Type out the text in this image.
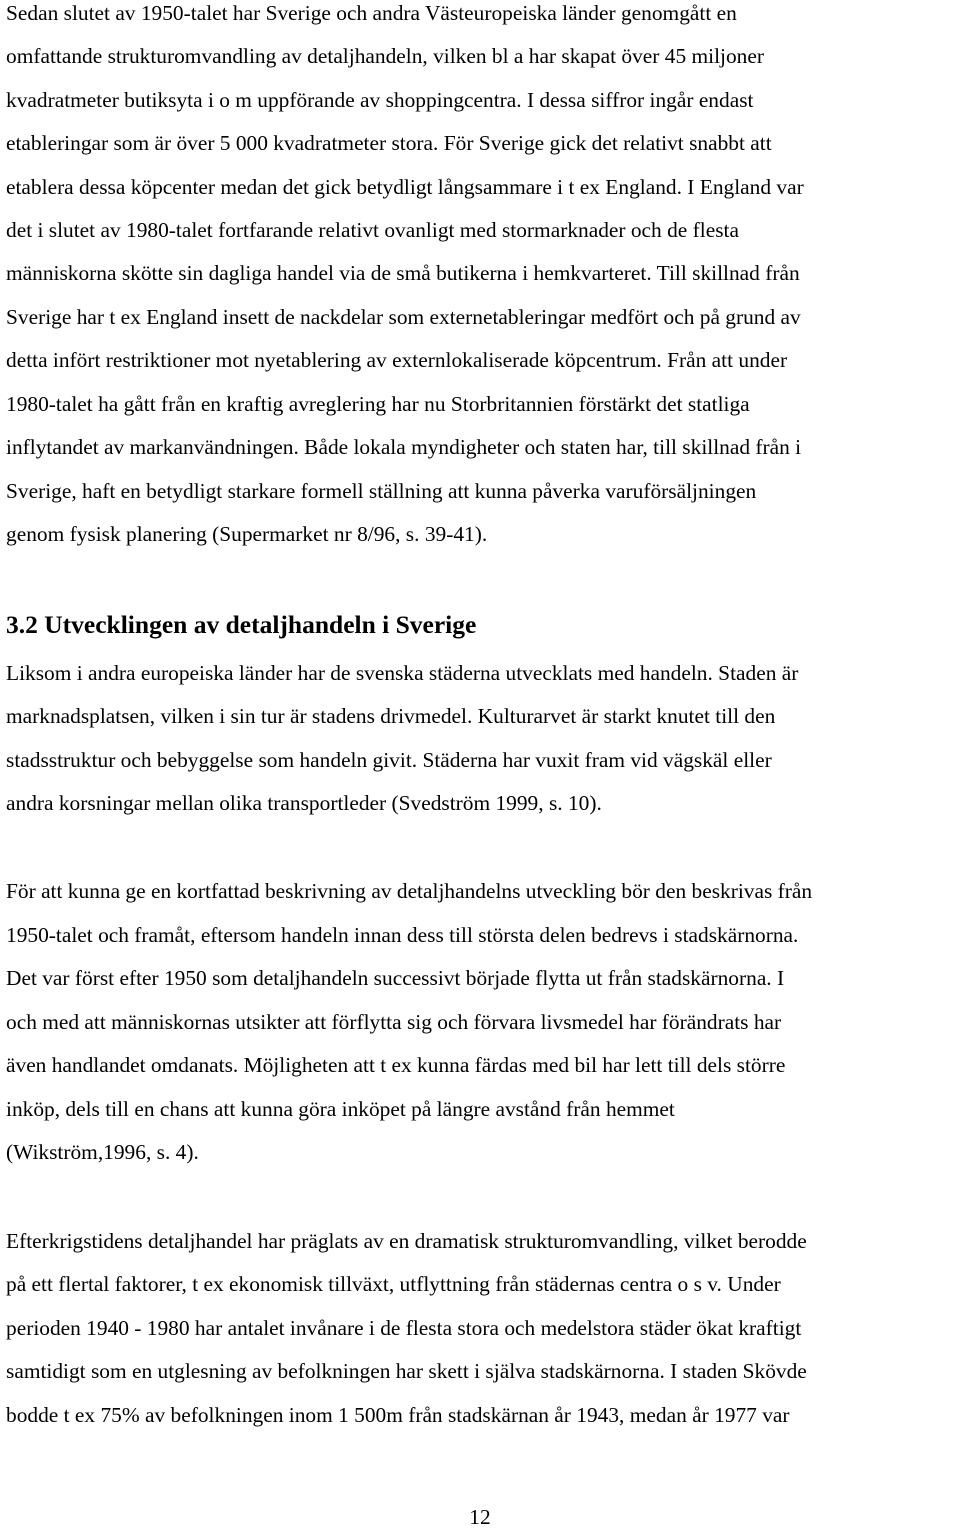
Sedan slutet av 1950-talet har Sverige och andra Västeuropeiska länder genomgått en
omfattande strukturomvandling av detaljhandeln, vilken bl a har skapat över 45 miljoner
kvadratmeter butiksyta i o m uppförande av shoppingcentra. I dessa siffror ingår endast
etableringar som är över 5 000 kvadratmeter stora. För Sverige gick det relativt snabbt att
etablera dessa köpcenter medan det gick betydligt långsammare i t ex England. I England var
det i slutet av 1980-talet fortfarande relativt ovanligt med stormarknader och de flesta
människorna skötte sin dagliga handel via de små butikerna i hemkvarteret. Till skillnad från
Sverige har t ex England insett de nackdelar som externetableringar medfört och på grund av
detta infört restriktioner mot nyetablering av externlokaliserade köpcentrum. Från att under
1980-talet ha gått från en kraftig avreglering har nu Storbritannien förstärkt det statliga
inflytandet av markanvändningen. Både lokala myndigheter och staten har, till skillnad från i
Sverige, haft en betydligt starkare formell ställning att kunna påverka varuförsäljningen
genom fysisk planering (Supermarket nr 8/96, s. 39-41).
3.2 Utvecklingen av detaljhandeln i Sverige
Liksom i andra europeiska länder har de svenska städerna utvecklats med handeln. Staden är
marknadsplatsen, vilken i sin tur är stadens drivmedel. Kulturarvet är starkt knutet till den
stadsstruktur och bebyggelse som handeln givit. Städerna har vuxit fram vid vägskäl eller
andra korsningar mellan olika transportleder (Svedström 1999, s. 10).
För att kunna ge en kortfattad beskrivning av detaljhandelns utveckling bör den beskrivas från
1950-talet och framåt, eftersom handeln innan dess till största delen bedrevs i stadskärnorna.
Det var först efter 1950 som detaljhandeln successivt började flytta ut från stadskärnorna. I
och med att människornas utsikter att förflytta sig och förvara livsmedel har förändrats har
även handlandet omdanats. Möjligheten att t ex kunna färdas med bil har lett till dels större
inköp, dels till en chans att kunna göra inköpet på längre avstånd från hemmet
(Wikström,1996, s. 4).
Efterkrigstidens detaljhandel har präglats av en dramatisk strukturomvandling, vilket berodde
på ett flertal faktorer, t ex ekonomisk tillväxt, utflyttning från städernas centra o s v. Under
perioden 1940 - 1980 har antalet invånare i de flesta stora och medelstora städer ökat kraftigt
samtidigt som en utglesning av befolkningen har skett i själva stadskärnorna. I staden Skövde
bodde t ex 75% av befolkningen inom 1 500m från stadskärnan år 1943, medan år 1977 var
12
